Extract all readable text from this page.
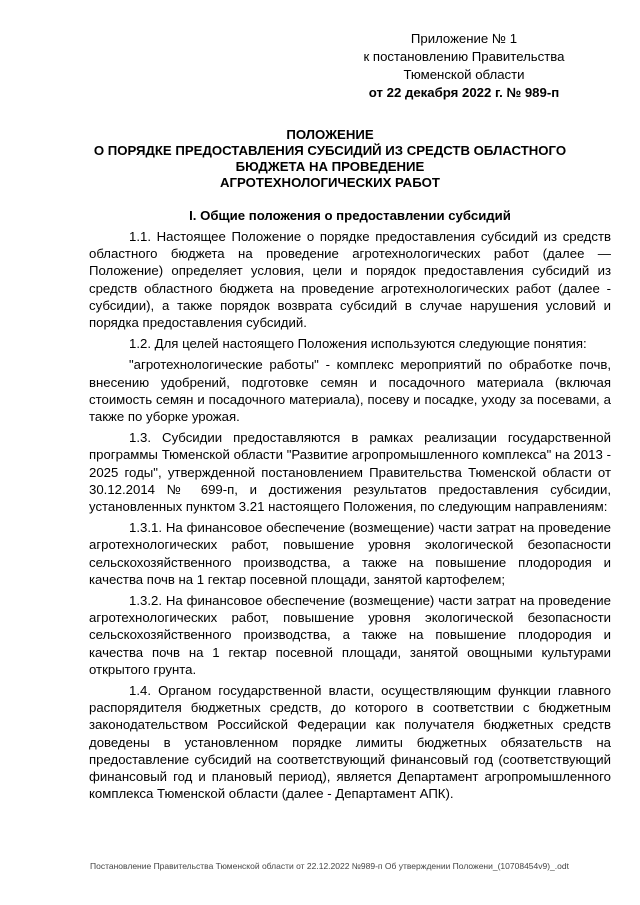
Приложение № 1
к постановлению Правительства
Тюменской области
от 22 декабря 2022 г. № 989-п
ПОЛОЖЕНИЕ
О ПОРЯДКЕ ПРЕДОСТАВЛЕНИЯ СУБСИДИЙ ИЗ СРЕДСТВ ОБЛАСТНОГО
БЮДЖЕТА НА ПРОВЕДЕНИЕ
АГРОТЕХНОЛОГИЧЕСКИХ РАБОТ
I. Общие положения о предоставлении субсидий

1.1. Настоящее Положение о порядке предоставления субсидий из средств областного бюджета на проведение агротехнологических работ (далее — Положение) определяет условия, цели и порядок предоставления субсидий из средств областного бюджета на проведение агротехнологических работ (далее - субсидии), а также порядок возврата субсидий в случае нарушения условий и порядка предоставления субсидий.

1.2. Для целей настоящего Положения используются следующие понятия:

"агротехнологические работы" - комплекс мероприятий по обработке почв, внесению удобрений, подготовке семян и посадочного материала (включая стоимость семян и посадочного материала), посеву и посадке, уходу за посевами, а также по уборке урожая.

1.3. Субсидии предоставляются в рамках реализации государственной программы Тюменской области "Развитие агропромышленного комплекса" на 2013 - 2025 годы", утвержденной постановлением Правительства Тюменской области от 30.12.2014 № 699-п, и достижения результатов предоставления субсидии, установленных пунктом 3.21 настоящего Положения, по следующим направлениям:

1.3.1. На финансовое обеспечение (возмещение) части затрат на проведение агротехнологических работ, повышение уровня экологической безопасности сельскохозяйственного производства, а также на повышение плодородия и качества почв на 1 гектар посевной площади, занятой картофелем;

1.3.2. На финансовое обеспечение (возмещение) части затрат на проведение агротехнологических работ, повышение уровня экологической безопасности сельскохозяйственного производства, а также на повышение плодородия и качества почв на 1 гектар посевной площади, занятой овощными культурами открытого грунта.

1.4. Органом государственной власти, осуществляющим функции главного распорядителя бюджетных средств, до которого в соответствии с бюджетным законодательством Российской Федерации как получателя бюджетных средств доведены в установленном порядке лимиты бюджетных обязательств на предоставление субсидий на соответствующий финансовый год (соответствующий финансовый год и плановый период), является Департамент агропромышленного комплекса Тюменской области (далее - Департамент АПК).

Постановление Правительства Тюменской области от 22.12.2022 №989-п Об утверждении Положени_(10708454v9)_.odt
